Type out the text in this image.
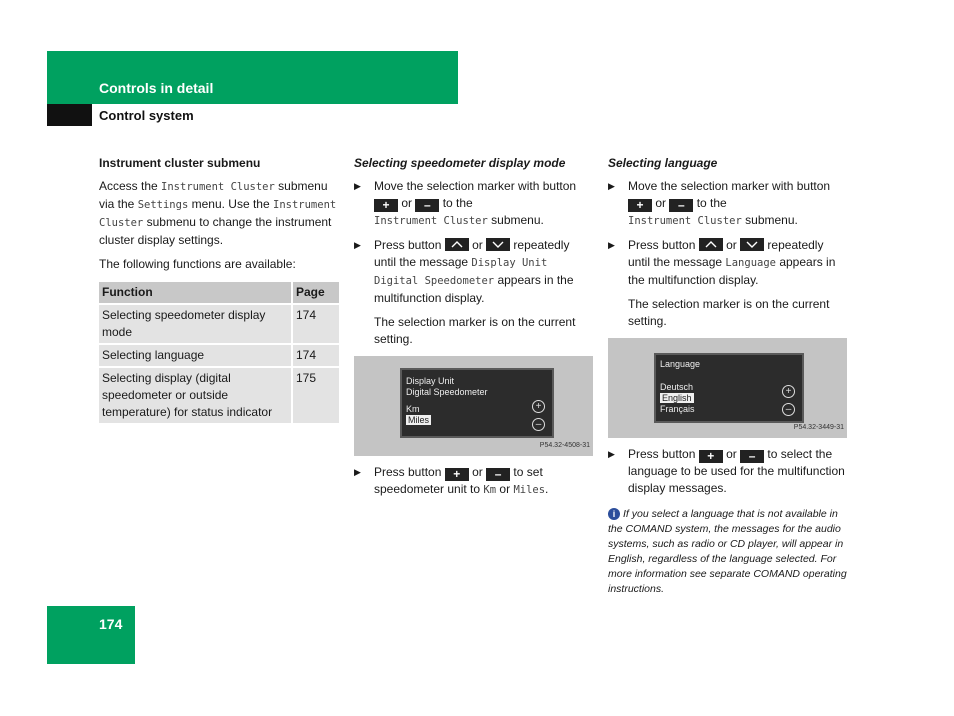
Controls in detail
Control system
Instrument cluster submenu

Access the Instrument Cluster submenu via the Settings menu. Use the Instrument Cluster submenu to change the instrument cluster display settings.

The following functions are available:

Function	Page
Selecting speedometer display mode	174
Selecting language	174
Selecting display (digital speedometer or outside temperature) for status indicator	175
Selecting speedometer display mode
▶ Move the selection marker with button + or – to the
Instrument Cluster submenu.
▶ Press button	or	repeatedly until the message Display Unit Digital Speedometer appears in the multifunction display.

The selection marker is on the current setting.

Display Unit
Digital Speedometer
Km
Miles
+
–
P54.32-4508-31
▶ Press button + or – to set speedometer unit to Km or Miles.
Selecting language
▶ Move the selection marker with button + or – to the
Instrument Cluster submenu.
▶ Press button	or	repeatedly until the message Language appears in the multifunction display.

The selection marker is on the current setting.

Language
Deutsch
English
Français
+
–
P54.32-3449-31
▶ Press button + or – to select the language to be used for the multifunction display messages.
i If you select a language that is not available in the COMAND system, the messages for the audio systems, such as radio or CD player, will appear in English, regardless of the language selected. For more information see separate COMAND operating instructions.
174
